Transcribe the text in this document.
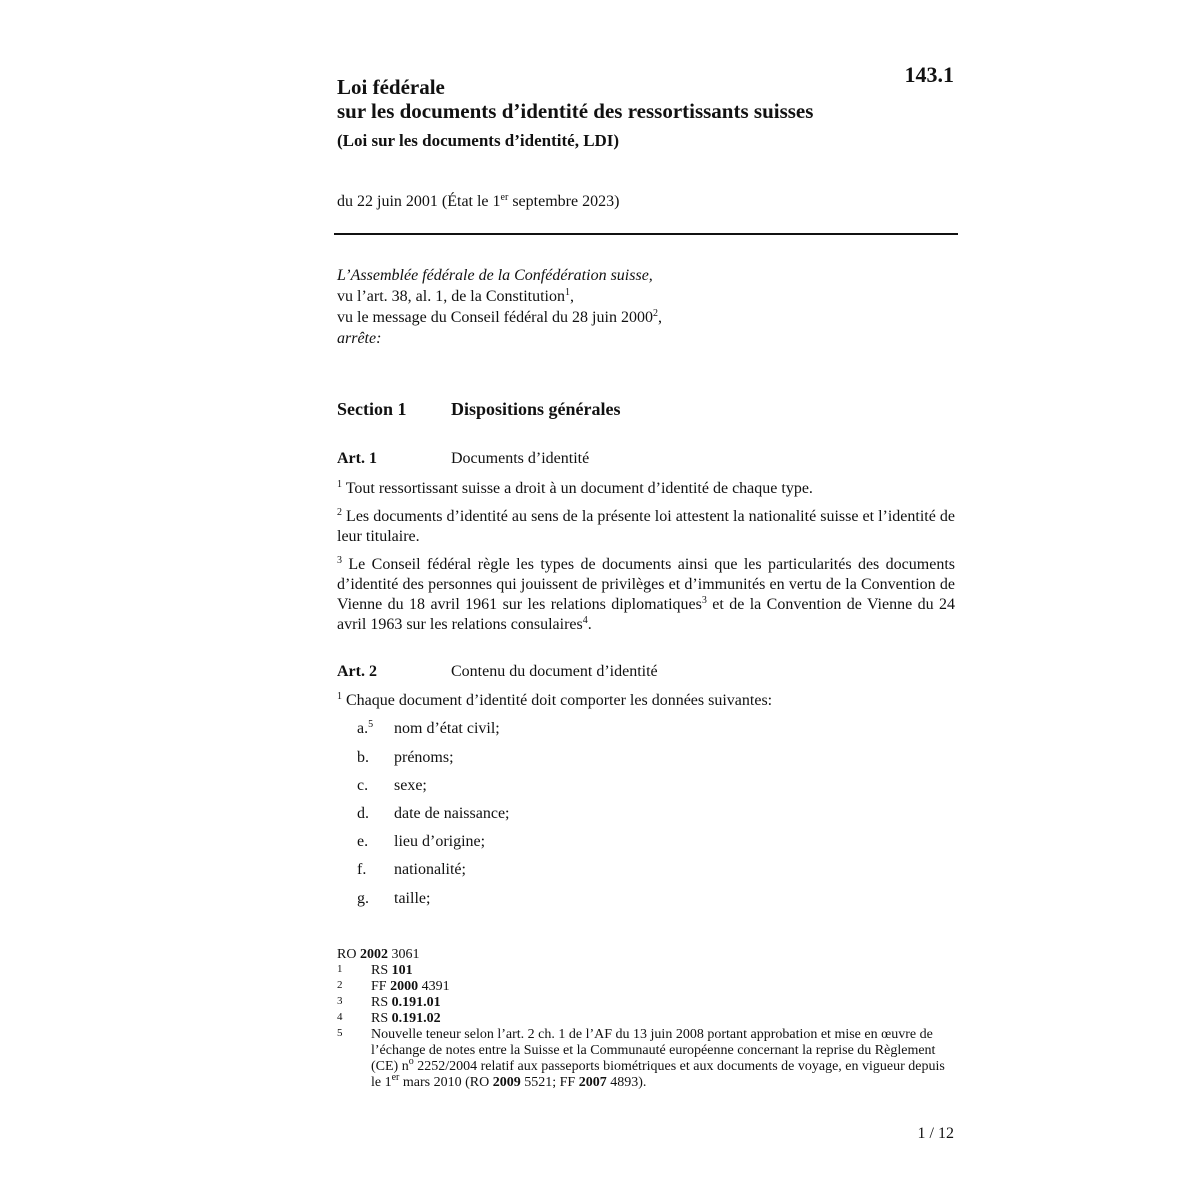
143.1
Loi fédérale
sur les documents d’identité des ressortissants suisses
(Loi sur les documents d’identité, LDI)
du 22 juin 2001 (État le 1er septembre 2023)
L’Assemblée fédérale de la Confédération suisse,
vu l’art. 38, al. 1, de la Constitution$^1$,
vu le message du Conseil fédéral du 28 juin 2000$^2$,
arrête:
Section 1 Dispositions générales
Art. 1	Documents d’identité
$^1$ Tout ressortissant suisse a droit à un document d’identité de chaque type.
$^2$ Les documents d’identité au sens de la présente loi attestent la nationalité suisse et l’identité de leur titulaire.
$^3$ Le Conseil fédéral règle les types de documents ainsi que les particularités des documents d’identité des personnes qui jouissent de privilèges et d’immunités en vertu de la Convention de Vienne du 18 avril 1961 sur les relations diplomatiques$^3$ et de la Convention de Vienne du 24 avril 1963 sur les relations consulaires$^4$.
Art. 2	Contenu du document d’identité
$^1$ Chaque document d’identité doit comporter les données suivantes:
a.$^5$ nom d’état civil;
b. prénoms;
c. sexe;
d. date de naissance;
e. lieu d’origine;
f. nationalité;
g. taille;
RO 2002 3061
1 RS 101
2 FF 2000 4391
3 RS 0.191.01
4 RS 0.191.02
5 Nouvelle teneur selon l’art. 2 ch. 1 de l’AF du 13 juin 2008 portant approbation et mise en œuvre de l’échange de notes entre la Suisse et la Communauté européenne concernant la reprise du Règlement (CE) $n^o$ 2252/2004 relatif aux passeports biométriques et aux documents de voyage, en vigueur depuis le 1er mars 2010 (RO 2009 5521; FF 2007 4893).
1 / 12
